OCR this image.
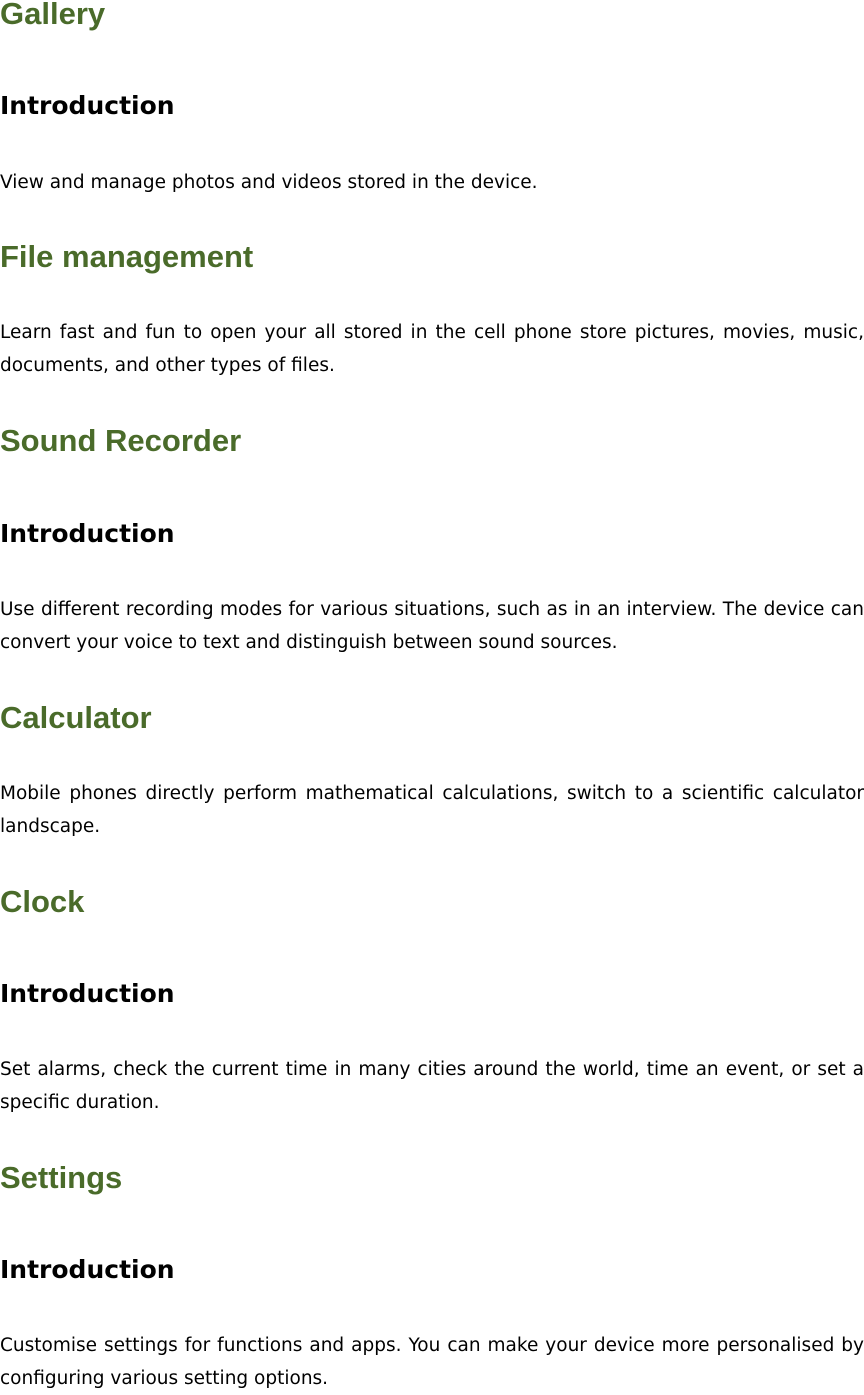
Gallery
Introduction

View and manage photos and videos stored in the device.

File management

Learn fast and fun to open your all stored in the cell phone store pictures, movies, music, documents, and other types of files.

Sound Recorder
Introduction

Use different recording modes for various situations, such as in an interview. The device can convert your voice to text and distinguish between sound sources.

Calculator

Mobile phones directly perform mathematical calculations, switch to a scientific calculator landscape.

Clock
Introduction

Set alarms, check the current time in many cities around the world, time an event, or set a specific duration.

Settings
Introduction

Customise settings for functions and apps. You can make your device more personalised by configuring various setting options.
